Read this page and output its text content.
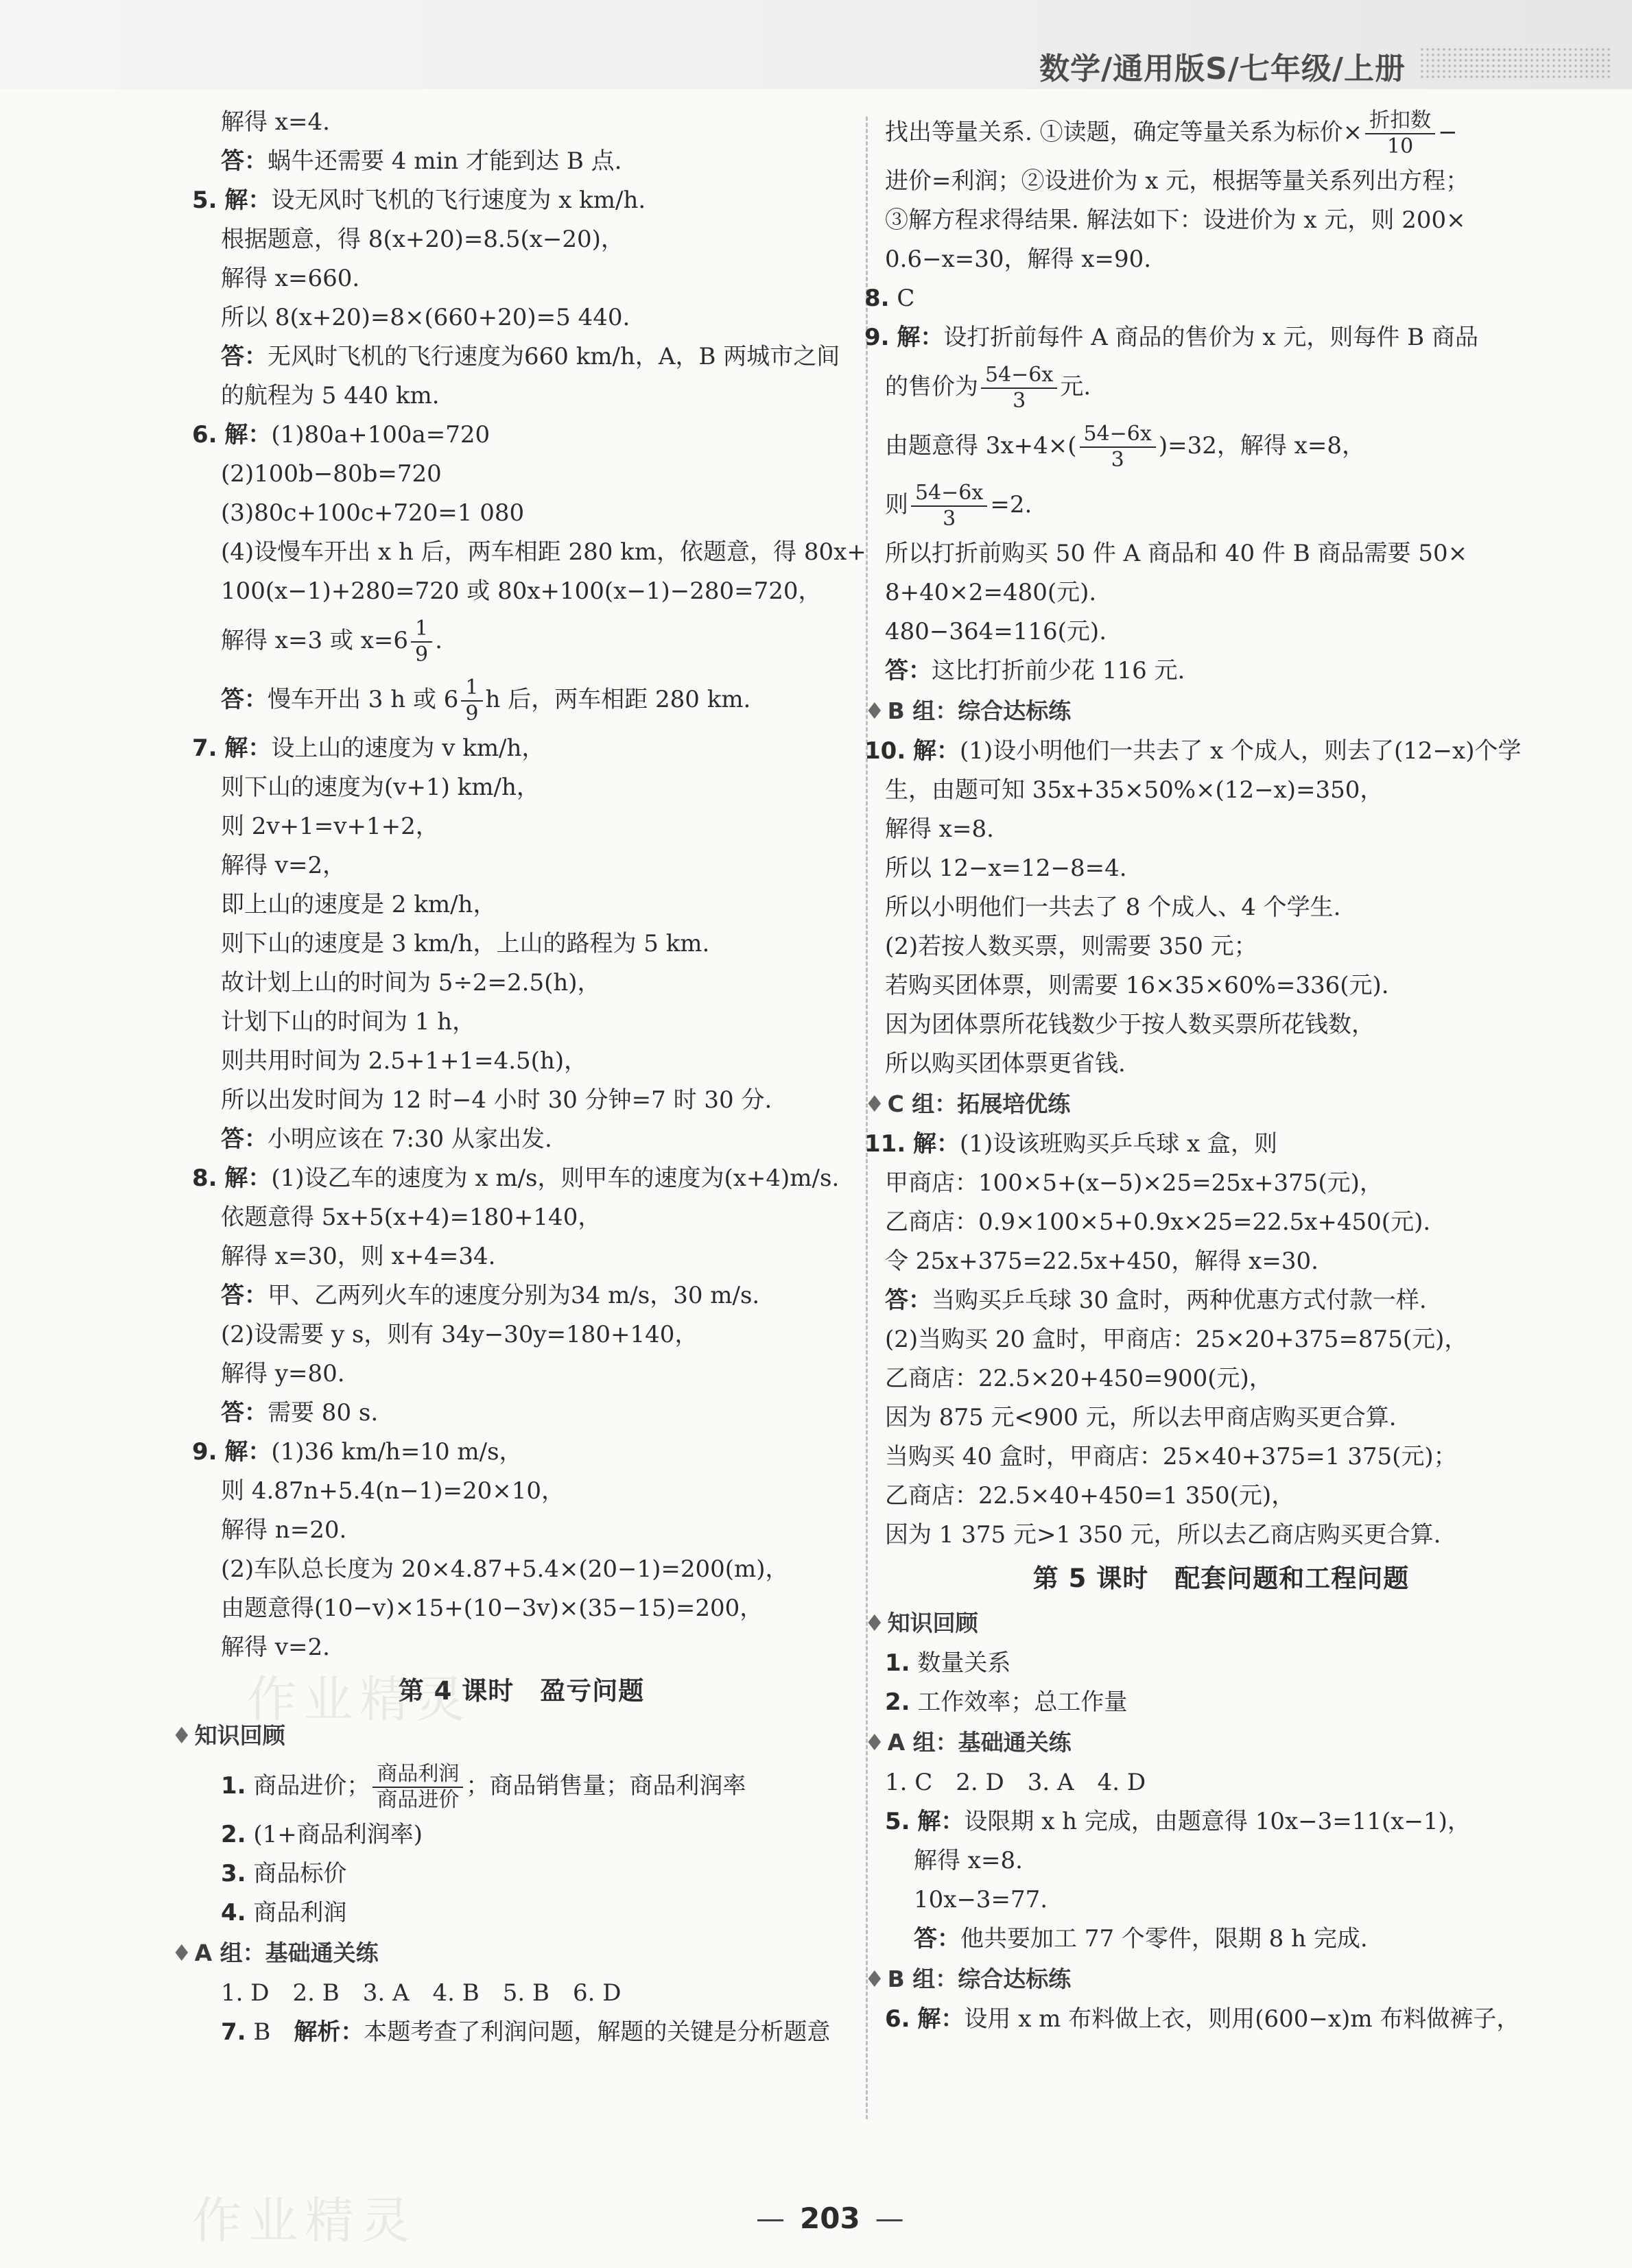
数学/通用版S/七年级/上册
解得 x=4.
答：蜗牛还需要 4 min 才能到达 B 点.
5. 解：设无风时飞机的飞行速度为 x km/h.
根据题意，得 8(x+20)=8.5(x−20)，
解得 x=660.
所以 8(x+20)=8×(660+20)=5 440.
答：无风时飞机的飞行速度为660 km/h，A，B 两城市之间
的航程为 5 440 km.
6. 解：(1)80a+100a=720
(2)100b−80b=720
(3)80c+100c+720=1 080
(4)设慢车开出 x h 后，两车相距 280 km，依题意，得 80x+
100(x−1)+280=720 或 80x+100(x−1)−280=720，
解得 x=3 或 $x=6 \frac{1}{9}$ .
答：慢车开出 3 h 或 $6 \frac{1}{9}$ h 后，两车相距 280 km.
7. 解：设上山的速度为 v km/h，
则下山的速度为(v+1) km/h，
则 2v+1=v+1+2，
解得 v=2，
即上山的速度是 2 km/h，
则下山的速度是 3 km/h，上山的路程为 5 km.
故计划上山的时间为 5÷2=2.5(h)，
计划下山的时间为 1 h，
则共用时间为 2.5+1+1=4.5(h)，
所以出发时间为 12 时−4 小时 30 分钟=7 时 30 分.
答：小明应该在 7:30 从家出发.
8. 解：(1)设乙车的速度为 x m/s，则甲车的速度为(x+4)m/s.
依题意得 5x+5(x+4)=180+140，
解得 x=30，则 x+4=34.
答：甲、乙两列火车的速度分别为34 m/s，30 m/s.
(2)设需要 y s，则有 34y−30y=180+140，
解得 y=80.
答：需要 80 s.
9. 解：(1)36 km/h=10 m/s，
则 4.87n+5.4(n−1)=20×10，
解得 n=20.
(2)车队总长度为 20×4.87+5.4×(20−1)=200(m)，
由题意得(10−v)×15+(10−3v)×(35−15)=200，
解得 v=2.
第 4 课时　盈亏问题
♦ 知识回顾
1. 商品进价； $\frac{\text{商品利润}}{\text{商品进价}}$ ；商品销售量；商品利润率
2. (1+商品利润率)
3. 商品标价
4. 商品利润
♦ A 组：基础通关练
1. D　2. B　3. A　4. B　5. B　6. D
7. B　 解析：本题考查了利润问题，解题的关键是分析题意
找出等量关系. ①读题，确定等量关系为标价× $\frac{\text{折扣数}}{10}$ −
进价=利润；②设进价为 x 元，根据等量关系列出方程；
③解方程求得结果. 解法如下：设进价为 x 元，则 200×
0.6−x=30，解得 x=90.
8. C
9. 解：设打折前每件 A 商品的售价为 x 元，则每件 B 商品
的售价为 $\frac{54-6x}{3}$ 元.
由题意得 $3x+4\times( \frac{54-6x}{3} )=32$，解得 x=8，
则 $\frac{54-6x}{3} =2$.
所以打折前购买 50 件 A 商品和 40 件 B 商品需要 50×
8+40×2=480(元).
480−364=116(元).
答：这比打折前少花 116 元.
♦ B 组：综合达标练
10. 解：(1)设小明他们一共去了 x 个成人，则去了(12−x)个学
生，由题可知 35x+35×50%×(12−x)=350，
解得 x=8.
所以 12−x=12−8=4.
所以小明他们一共去了 8 个成人、4 个学生.
(2)若按人数买票，则需要 350 元；
若购买团体票，则需要 16×35×60%=336(元).
因为团体票所花钱数少于按人数买票所花钱数，
所以购买团体票更省钱.
♦ C 组：拓展培优练
11. 解：(1)设该班购买乒乓球 x 盒，则
甲商店：100×5+(x−5)×25=25x+375(元)，
乙商店：0.9×100×5+0.9x×25=22.5x+450(元).
令 25x+375=22.5x+450，解得 x=30.
答：当购买乒乓球 30 盒时，两种优惠方式付款一样.
(2)当购买 20 盒时，甲商店：25×20+375=875(元)，
乙商店：22.5×20+450=900(元)，
因为 875 元<900 元，所以去甲商店购买更合算.
当购买 40 盒时，甲商店：25×40+375=1 375(元)；
乙商店：22.5×40+450=1 350(元)，
因为 1 375 元>1 350 元，所以去乙商店购买更合算.
第 5 课时　配套问题和工程问题
♦ 知识回顾
1. 数量关系
2. 工作效率；总工作量
♦ A 组：基础通关练
1. C　2. D　3. A　4. D
5. 解：设限期 x h 完成，由题意得 10x−3=11(x−1)，
解得 x=8.
10x−3=77.
答：他共要加工 77 个零件，限期 8 h 完成.
♦ B 组：综合达标练
6. 解：设用 x m 布料做上衣，则用(600−x)m 布料做裤子，
作业精灵
作业精灵	— 203 —
